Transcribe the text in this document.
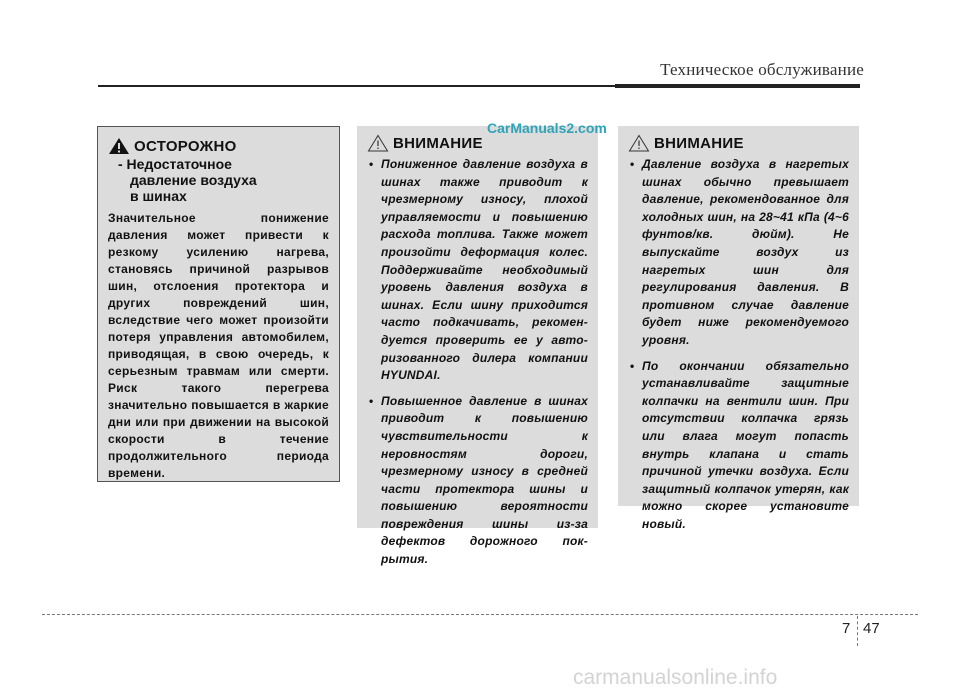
Техническое обслуживание
ОСТОРОЖНО
- Недостаточное
давление воздуха
в шинах
Значительное понижение давления может привести к резкому усилению нагрева, становясь причиной разрывов шин, отслоения протектора и других повреждений шин, вследствие чего может произойти потеря управления автомобилем, приводящая, в свою очередь, к серьезным травмам или смерти. Риск такого перегрева значительно повышается в жаркие дни или при движении на высокой скорости в течение продолжительного периода времени.
ВНИМАНИЕ
• Пониженное давление воздуха в шинах также приводит к чрезмерному износу, плохой управляемости и повышению расхода топлива. Также может произойти деформация колес. Поддерживайте необходимый уровень давления воздуха в шинах. Если шину приходится часто подкачивать, рекомен-дуется проверить ее у авто-ризованного дилера компании HYUNDAI.
• Повышенное давление в шинах приводит к повышению чувствительности к неровностям дороги, чрезмерному износу в средней части протектора шины и повышению вероятности повреждения шины из-за дефектов дорожного пок-рытия.
ВНИМАНИЕ
• Давление воздуха в нагретых шинах обычно превышает давление, рекомендованное для холодных шин, на 28~41 кПа (4~6 фунтов/кв. дюйм). Не выпускайте воздух из нагретых шин для регулирования давления. В противном случае давление будет ниже рекомендуемого уровня.
• По окончании обязательно устанавливайте защитные колпачки на вентили шин. При отсутствии колпачка грязь или влага могут попасть внутрь клапана и стать причиной утечки воздуха. Если защитный колпачок утерян, как можно скорее установите новый.
CarManuals2.com
7 47
carmanualsonline.info
